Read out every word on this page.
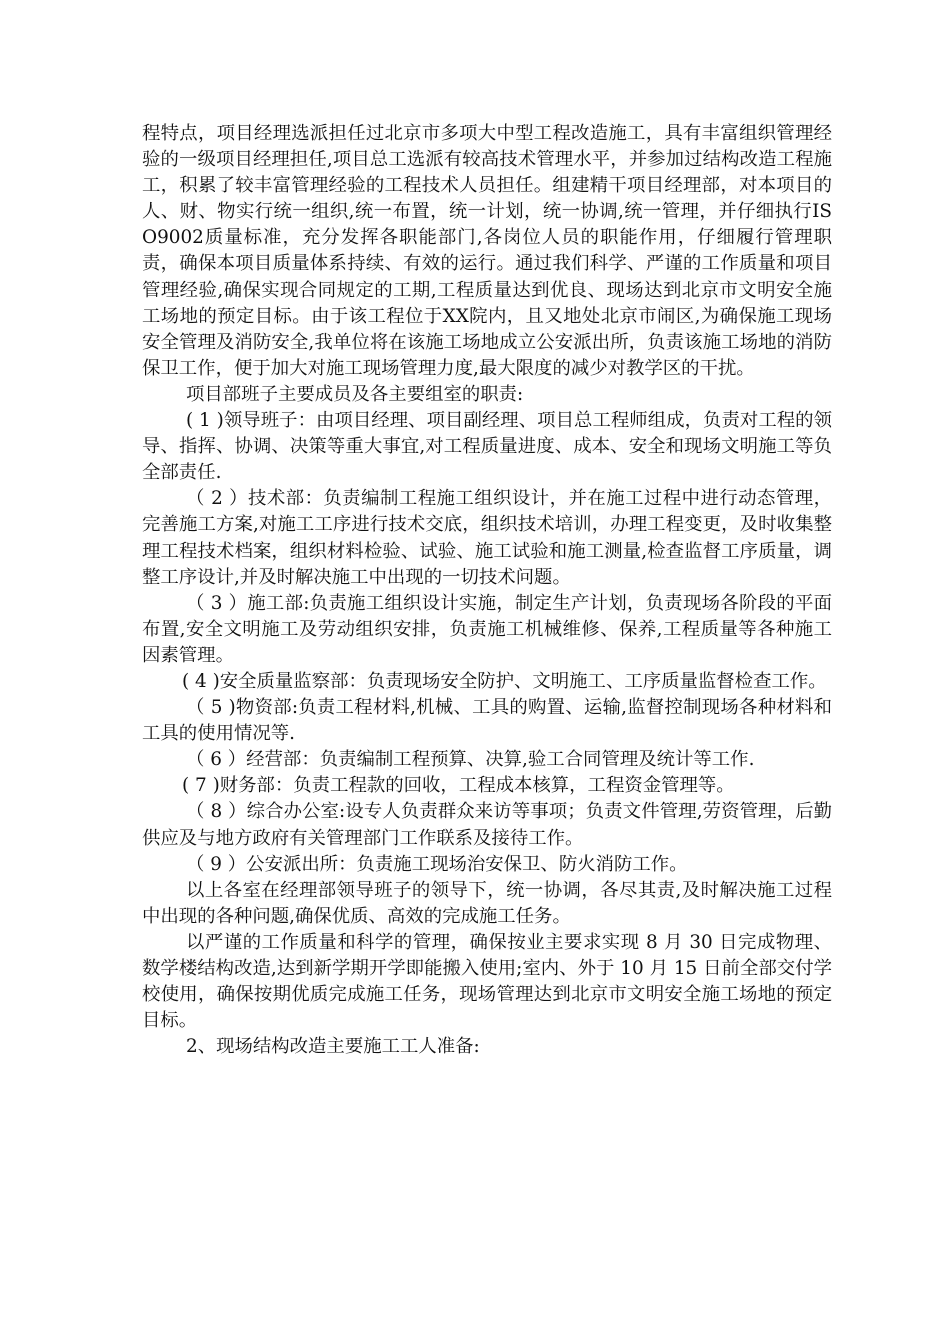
程特点，项目经理选派担任过北京市多项大中型工程改造施工，具有丰富组织管理经验的一级项目经理担任,项目总工选派有较高技术管理水平，并参加过结构改造工程施工，积累了较丰富管理经验的工程技术人员担任。组建精干项目经理部，对本项目的人、财、物实行统一组织,统一布置，统一计划，统一协调,统一管理，并仔细执行ISO9002质量标准，充分发挥各职能部门,各岗位人员的职能作用，仔细履行管理职责，确保本项目质量体系持续、有效的运行。通过我们科学、严谨的工作质量和项目管理经验,确保实现合同规定的工期,工程质量达到优良、现场达到北京市文明安全施工场地的预定目标。由于该工程位于XX院内，且又地处北京市闹区,为确保施工现场安全管理及消防安全,我单位将在该施工场地成立公安派出所，负责该施工场地的消防保卫工作，便于加大对施工现场管理力度,最大限度的减少对教学区的干扰。

项目部班子主要成员及各主要组室的职责:

( 1 )领导班子：由项目经理、项目副经理、项目总工程师组成，负责对工程的领导、指挥、协调、决策等重大事宜,对工程质量进度、成本、安全和现场文明施工等负全部责任.

（ 2 ）技术部：负责编制工程施工组织设计，并在施工过程中进行动态管理，完善施工方案,对施工工序进行技术交底，组织技术培训，办理工程变更，及时收集整理工程技术档案，组织材料检验、试验、施工试验和施工测量,检查监督工序质量，调整工序设计,并及时解决施工中出现的一切技术问题。

（ 3 ）施工部:负责施工组织设计实施，制定生产计划，负责现场各阶段的平面布置,安全文明施工及劳动组织安排，负责施工机械维修、保养,工程质量等各种施工因素管理。

( 4 )安全质量监察部：负责现场安全防护、文明施工、工序质量监督检查工作。

（ 5 )物资部:负责工程材料,机械、工具的购置、运输,监督控制现场各种材料和工具的使用情况等.

（ 6 ）经营部：负责编制工程预算、决算,验工合同管理及统计等工作.

( 7 )财务部：负责工程款的回收，工程成本核算，工程资金管理等。

（ 8 ）综合办公室:设专人负责群众来访等事项；负责文件管理,劳资管理，后勤供应及与地方政府有关管理部门工作联系及接待工作。

（ 9 ）公安派出所：负责施工现场治安保卫、防火消防工作。

以上各室在经理部领导班子的领导下，统一协调，各尽其责,及时解决施工过程中出现的各种问题,确保优质、高效的完成施工任务。

以严谨的工作质量和科学的管理，确保按业主要求实现 8 月 30 日完成物理、数学楼结构改造,达到新学期开学即能搬入使用;室内、外于 10 月 15 日前全部交付学校使用，确保按期优质完成施工任务，现场管理达到北京市文明安全施工场地的预定目标。

2、现场结构改造主要施工工人准备:
